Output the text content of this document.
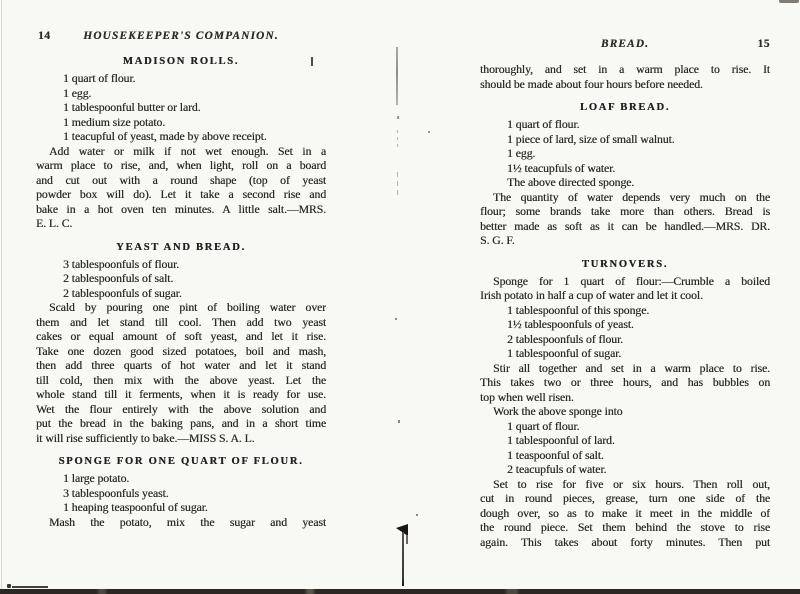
14	HOUSEKEEPER'S COMPANION.
MADISON ROLLS.
1 quart of flour.
1 egg.
1 tablespoonful butter or lard.
1 medium size potato.
1 teacupful of yeast, made by above receipt.
Add water or milk if not wet enough. Set in a
warm place to rise, and, when light, roll on a board
and cut out with a round shape (top of yeast
powder box will do). Let it take a second rise and
bake in a hot oven ten minutes. A little salt.—MRS.
E. L. C.
YEAST AND BREAD.
3 tablespoonfuls of flour.
2 tablespoonfuls of salt.
2 tablespoonfuls of sugar.
Scald by pouring one pint of boiling water over
them and let stand till cool. Then add two yeast
cakes or equal amount of soft yeast, and let it rise.
Take one dozen good sized potatoes, boil and mash,
then add three quarts of hot water and let it stand
till cold, then mix with the above yeast. Let the
whole stand till it ferments, when it is ready for use.
Wet the flour entirely with the above solution and
put the bread in the baking pans, and in a short time
it will rise sufficiently to bake.—MISS S. A. L.
SPONGE FOR ONE QUART OF FLOUR.
1 large potato.
3 tablespoonfuls yeast.
1 heaping teaspoonful of sugar.
Mash the potato, mix the sugar and yeast
BREAD.	15
thoroughly, and set in a warm place to rise. It
should be made about four hours before needed.
LOAF BREAD.
1 quart of flour.
1 piece of lard, size of small walnut.
1 egg.
1½ teacupfuls of water.
The above directed sponge.
The quantity of water depends very much on the
flour; some brands take more than others. Bread is
better made as soft as it can be handled.—MRS. DR.
S. G. F.
TURNOVERS.
Sponge for 1 quart of flour:—Crumble a boiled
Irish potato in half a cup of water and let it cool.
1 tablespoonful of this sponge.
1½ tablespoonfuls of yeast.
2 tablespoonfuls of flour.
1 tablespoonful of sugar.
Stir all together and set in a warm place to rise.
This takes two or three hours, and has bubbles on
top when well risen.
Work the above sponge into
1 quart of flour.
1 tablespoonful of lard.
1 teaspoonful of salt.
2 teacupfuls of water.
Set to rise for five or six hours. Then roll out,
cut in round pieces, grease, turn one side of the
dough over, so as to make it meet in the middle of
the round piece. Set them behind the stove to rise
again. This takes about forty minutes. Then put
